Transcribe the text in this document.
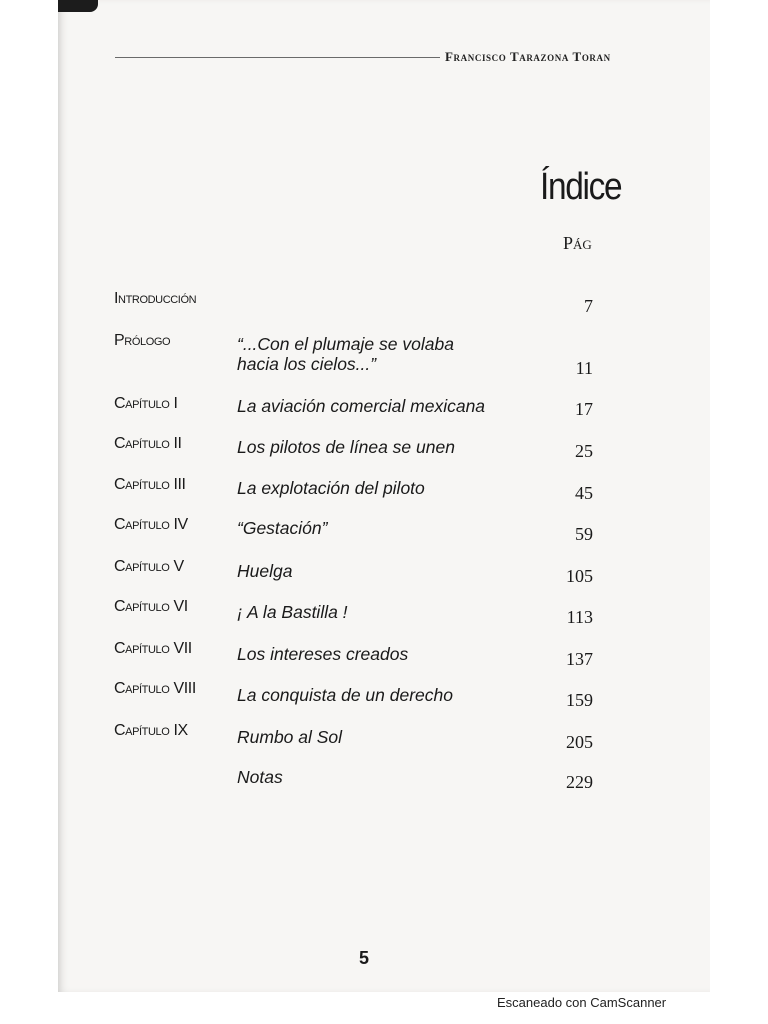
Francisco Tarazona Toran
Índice
Pág
Introducción	7
Prólogo	“...Con el plumaje se volaba
hacia los cielos...”	11
Capítulo I	La aviación comercial mexicana	17
Capítulo II	Los pilotos de línea se unen	25
Capítulo III	La explotación del piloto	45
Capítulo IV	“Gestación”	59
Capítulo V	Huelga	105
Capítulo VI	¡ A la Bastilla !	113
Capítulo VII	Los intereses creados	137
Capítulo VIII La conquista de un derecho	159
Capítulo IX	Rumbo al Sol	205
Notas	229
5
Escaneado con CamScanner
